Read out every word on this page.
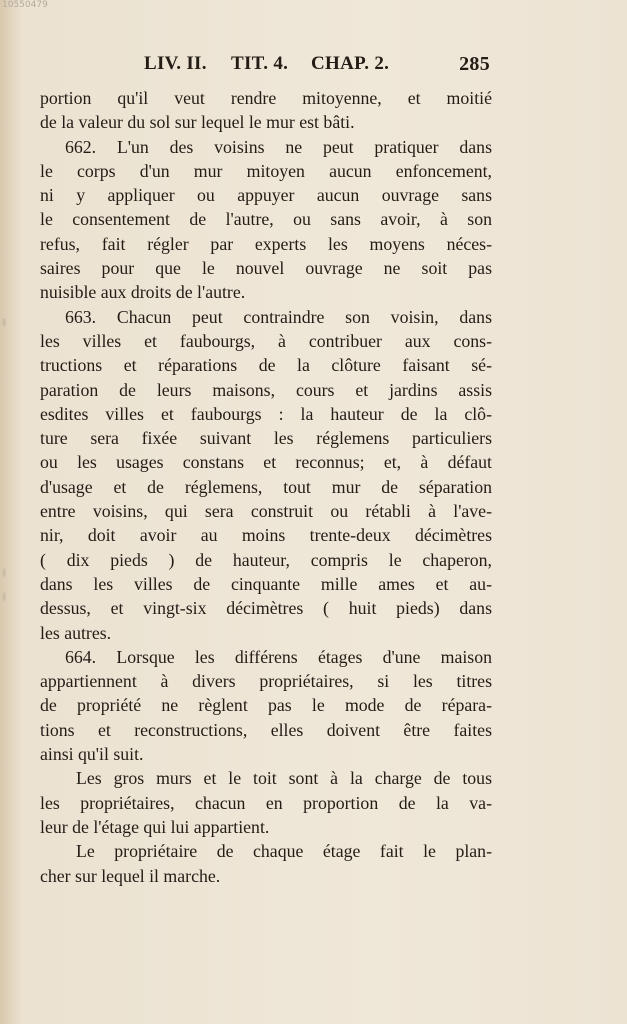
10550479
LIV. II. TIT. 4. CHAP. 2.	285

portion qu'il veut rendre mitoyenne, et moitié

de la valeur du sol sur lequel le mur est bâti.

662. L'un des voisins ne peut pratiquer dans

le corps d'un mur mitoyen aucun enfoncement,

ni y appliquer ou appuyer aucun ouvrage sans

le consentement de l'autre, ou sans avoir, à son

refus, fait régler par experts les moyens néces-

saires pour que le nouvel ouvrage ne soit pas

nuisible aux droits de l'autre.

663. Chacun peut contraindre son voisin, dans

les villes et faubourgs, à contribuer aux cons-

tructions et réparations de la clôture faisant sé-

paration de leurs maisons, cours et jardins assis

esdites villes et faubourgs : la hauteur de la clô-

ture sera fixée suivant les réglemens particuliers

ou les usages constans et reconnus; et, à défaut

d'usage et de réglemens, tout mur de séparation

entre voisins, qui sera construit ou rétabli à l'ave-

nir, doit avoir au moins trente-deux décimètres

( dix pieds ) de hauteur, compris le chaperon,

dans les villes de cinquante mille ames et au-

dessus, et vingt-six décimètres ( huit pieds) dans

les autres.

664. Lorsque les différens étages d'une maison

appartiennent à divers propriétaires, si les titres

de propriété ne règlent pas le mode de répara-

tions et reconstructions, elles doivent être faites

ainsi qu'il suit.

Les gros murs et le toit sont à la charge de tous

les propriétaires, chacun en proportion de la va-

leur de l'étage qui lui appartient.

Le propriétaire de chaque étage fait le plan-

cher sur lequel il marche.
